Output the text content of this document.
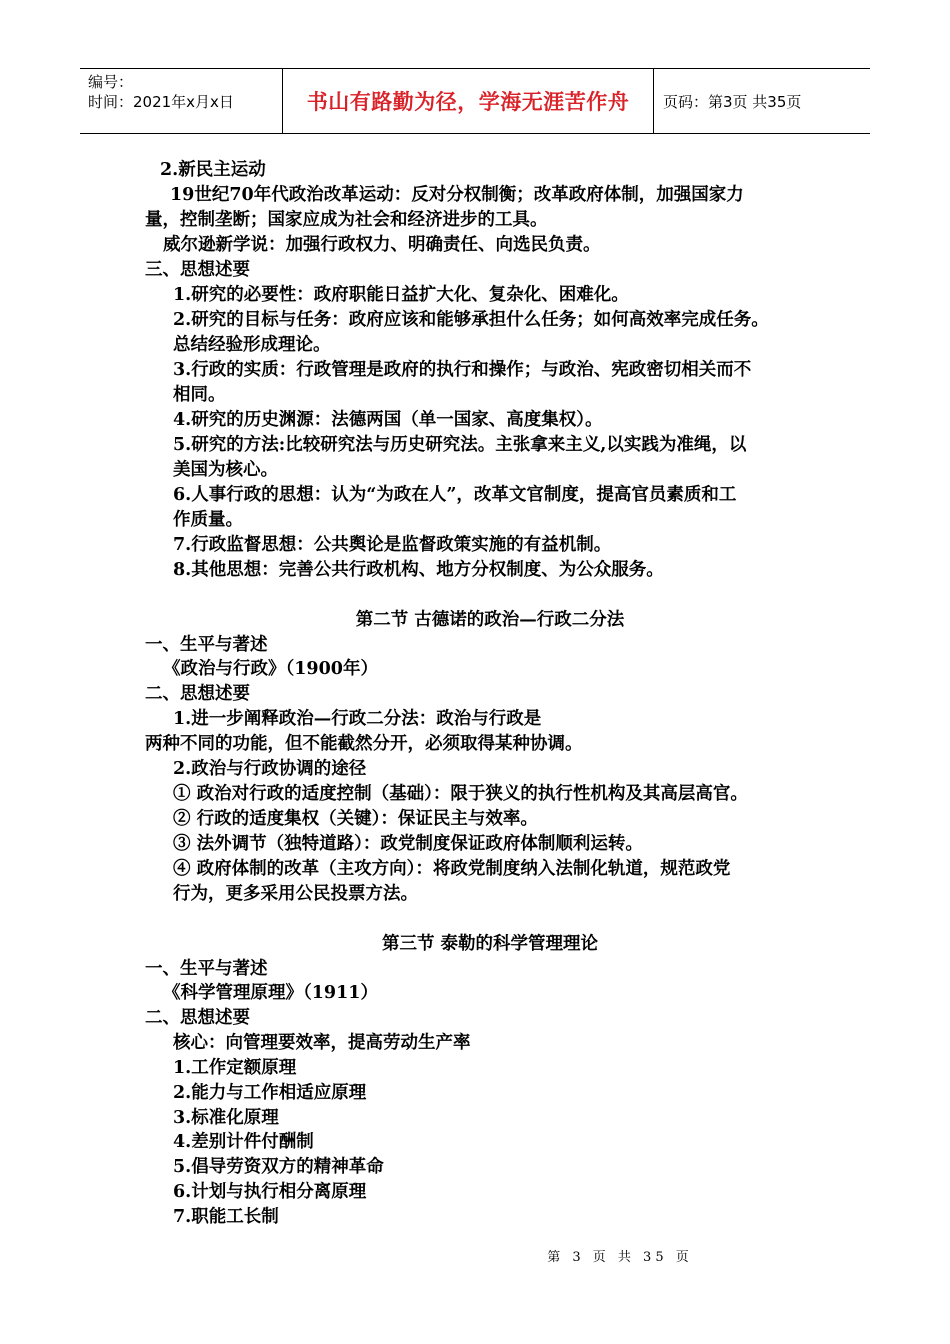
编号：
时间：2021年x月x日	书山有路勤为径，学海无涯苦作舟 页码：第3页 共35页
2.新民主运动
19世纪70年代政治改革运动：反对分权制衡；改革政府体制，加强国家力
量，控制垄断；国家应成为社会和经济进步的工具。
威尔逊新学说：加强行政权力、明确责任、向选民负责。
三、思想述要
1.研究的必要性：政府职能日益扩大化、复杂化、困难化。
2.研究的目标与任务：政府应该和能够承担什么任务；如何高效率完成任务。
总结经验形成理论。
3.行政的实质：行政管理是政府的执行和操作；与政治、宪政密切相关而不
相同。
4.研究的历史渊源：法德两国（单一国家、高度集权）。
5.研究的方法:比较研究法与历史研究法。主张拿来主义,以实践为准绳，以
美国为核心。
6.人事行政的思想：认为“为政在人”，改革文官制度，提高官员素质和工
作质量。
7.行政监督思想：公共舆论是监督政策实施的有益机制。
8.其他思想：完善公共行政机构、地方分权制度、为公众服务。
第二节 古德诺的政治—行政二分法
一、生平与著述
《政治与行政》（1900年）
二、思想述要
1.进一步阐释政治—行政二分法：政治与行政是
两种不同的功能，但不能截然分开，必须取得某种协调。
2.政治与行政协调的途径
① 政治对行政的适度控制（基础）：限于狭义的执行性机构及其高层高官。
② 行政的适度集权（关键）：保证民主与效率。
③ 法外调节（独特道路）：政党制度保证政府体制顺利运转。
④ 政府体制的改革（主攻方向）：将政党制度纳入法制化轨道，规范政党
行为，更多采用公民投票方法。
第三节 泰勒的科学管理理论
一、生平与著述
《科学管理原理》（1911）
二、思想述要
核心：向管理要效率，提高劳动生产率
1.工作定额原理
2.能力与工作相适应原理
3.标准化原理
4.差别计件付酬制
5.倡导劳资双方的精神革命
6.计划与执行相分离原理
7.职能工长制
第 3 页 共 35 页
